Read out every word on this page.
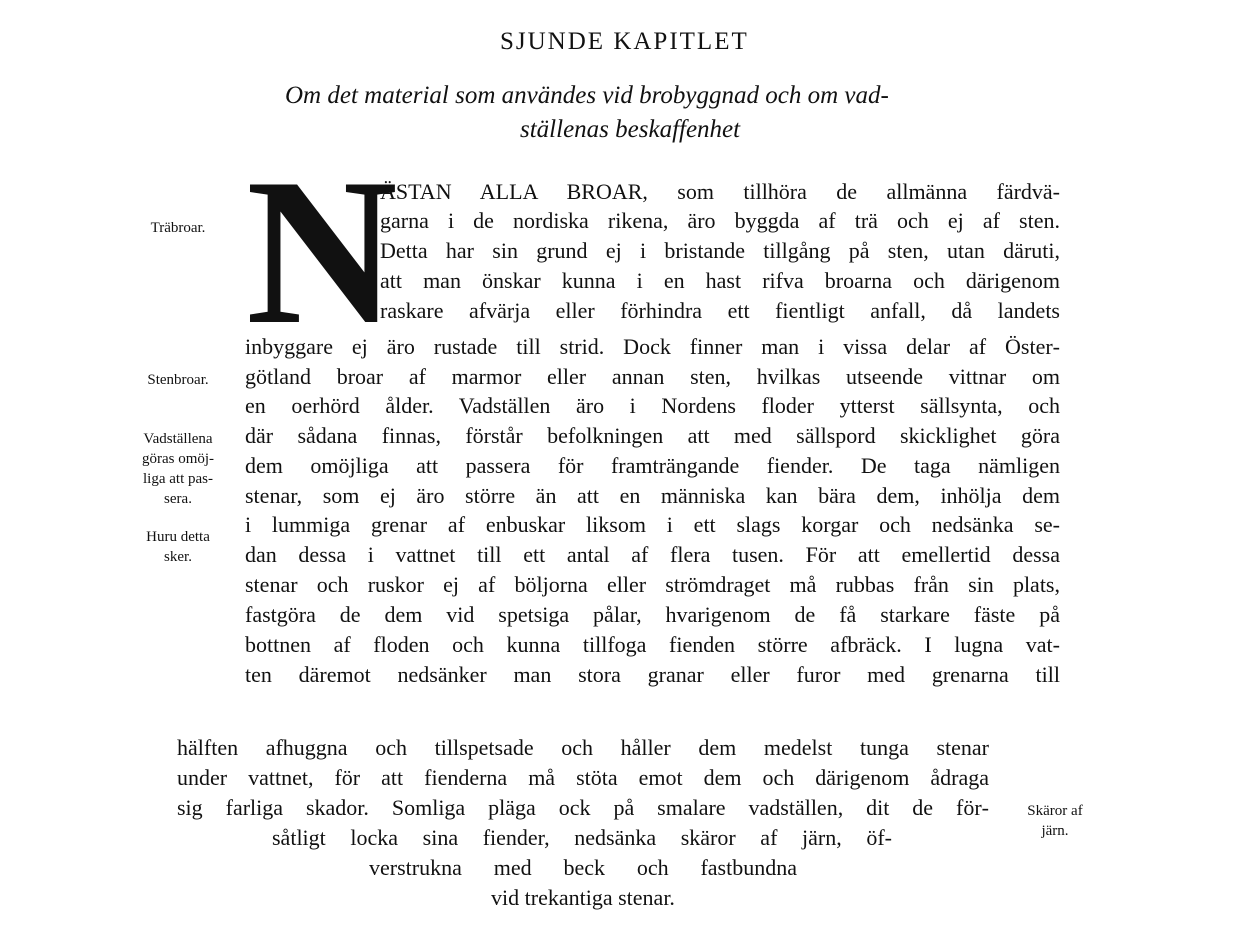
SJUNDE KAPITLET
Om det material som användes vid brobyggnad och om vad‑
ställenas beskaffenhet
N
ÄSTAN ALLA BROAR, som tillhöra de allmänna färdvä‑
garna i de nordiska rikena, äro byggda af trä och ej af sten.
Detta har sin grund ej i bristande tillgång på sten, utan däruti,
att man önskar kunna i en hast rifva broarna och därigenom
raskare afvärja eller förhindra ett fientligt anfall, då landets
inbyggare ej äro rustade till strid. Dock finner man i vissa delar af Öster‑
götland broar af marmor eller annan sten, hvilkas utseende vittnar om
en oerhörd ålder. Vadställen äro i Nordens floder ytterst sällsynta, och
där sådana finnas, förstår befolkningen att med sällspord skicklighet göra
dem omöjliga att passera för framträngande fiender. De taga nämligen
stenar, som ej äro större än att en människa kan bära dem, inhölja dem
i lummiga grenar af enbuskar liksom i ett slags korgar och nedsänka se‑
dan dessa i vattnet till ett antal af flera tusen. För att emellertid dessa
stenar och ruskor ej af böljorna eller strömdraget må rubbas från sin plats,
fastgöra de dem vid spetsiga pålar, hvarigenom de få starkare fäste på
bottnen af floden och kunna tillfoga fienden större afbräck. I lugna vat‑
ten däremot nedsänker man stora granar eller furor med grenarna till
hälften afhuggna och tillspetsade och håller dem medelst tunga stenar
under vattnet, för att fienderna må stöta emot dem och därigenom ådraga
sig farliga skador. Somliga pläga ock på smalare vadställen, dit de för‑
såtligt locka sina fiender, nedsänka skäror af järn, öf‑
verstrukna med beck och fastbundna
vid trekantiga stenar.
Träbroar.
Stenbroar.
Vadställena
göras omöj‑
liga att pas‑
sera.
Huru detta
sker.
Skäror af
järn.
